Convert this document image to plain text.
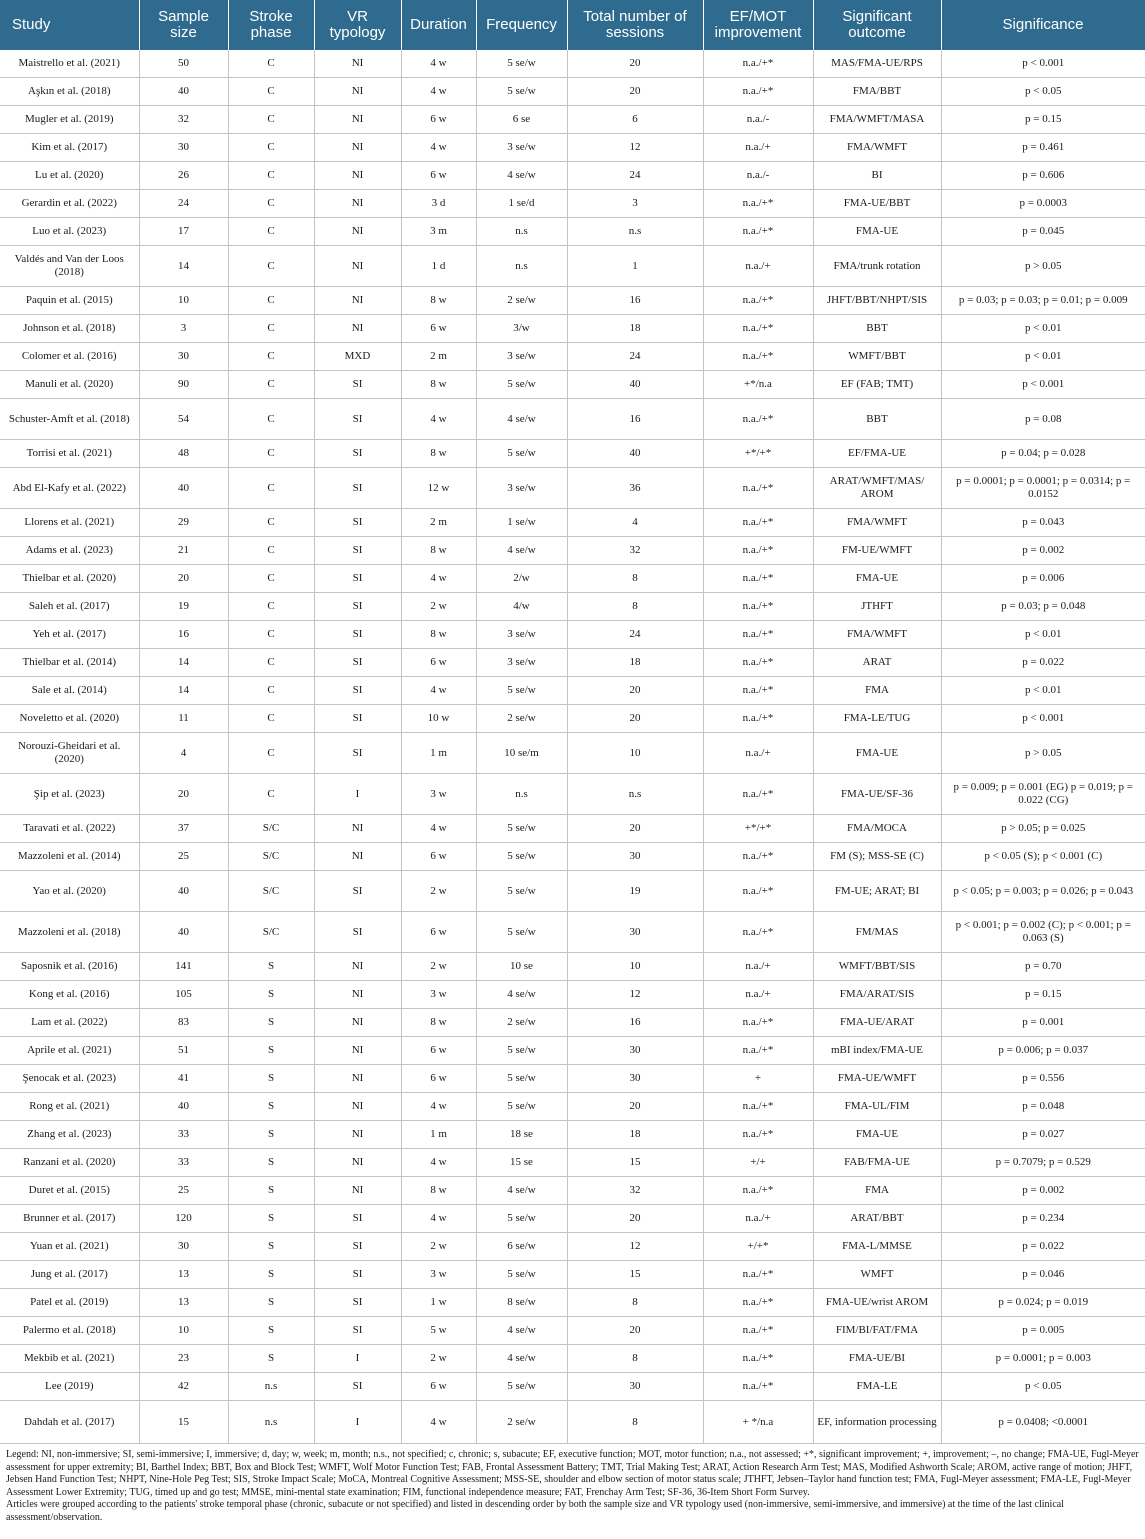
Study	Sample size	Stroke phase	VR typology	Duration	Frequency	Total number of sessions	EF/MOT improvement	Significant outcome	Significance
Maistrello et al. (2021)	50	C	NI	4 w	5 se/w	20	n.a./+*	MAS/FMA-UE/RPS	p < 0.001
Aşkın et al. (2018)	40	C	NI	4 w	5 se/w	20	n.a./+*	FMA/BBT	p < 0.05
Mugler et al. (2019)	32	C	NI	6 w	6 se	6	n.a./-	FMA/WMFT/MASA	p = 0.15
Kim et al. (2017)	30	C	NI	4 w	3 se/w	12	n.a./+	FMA/WMFT	p = 0.461
Lu et al. (2020)	26	C	NI	6 w	4 se/w	24	n.a./-	BI	p = 0.606
Gerardin et al. (2022)	24	C	NI	3 d	1 se/d	3	n.a./+*	FMA-UE/BBT	p = 0.0003
Luo et al. (2023)	17	C	NI	3 m	n.s	n.s	n.a./+*	FMA-UE	p = 0.045
Valdés and Van der Loos (2018)	14	C	NI	1 d	n.s	1	n.a./+	FMA/trunk rotation	p > 0.05
Paquin et al. (2015)	10	C	NI	8 w	2 se/w	16	n.a./+*	JHFT/BBT/NHPT/SIS	p = 0.03; p = 0.03; p = 0.01; p = 0.009
Johnson et al. (2018)	3	C	NI	6 w	3/w	18	n.a./+*	BBT	p < 0.01
Colomer et al. (2016)	30	C	MXD	2 m	3 se/w	24	n.a./+*	WMFT/BBT	p < 0.01
Manuli et al. (2020)	90	C	SI	8 w	5 se/w	40	+*/n.a	EF (FAB; TMT)	p < 0.001
Schuster-Amft et al. (2018)	54	C	SI	4 w	4 se/w	16	n.a./+*	BBT	p = 0.08
Torrisi et al. (2021)	48	C	SI	8 w	5 se/w	40	+*/+*	EF/FMA-UE	p = 0.04; p = 0.028
Abd El-Kafy et al. (2022)	40	C	SI	12 w	3 se/w	36	n.a./+*	ARAT/WMFT/MAS/ AROM	p = 0.0001; p = 0.0001; p = 0.0314; p = 0.0152
Llorens et al. (2021)	29	C	SI	2 m	1 se/w	4	n.a./+*	FMA/WMFT	p = 0.043
Adams et al. (2023)	21	C	SI	8 w	4 se/w	32	n.a./+*	FM-UE/WMFT	p = 0.002
Thielbar et al. (2020)	20	C	SI	4 w	2/w	8	n.a./+*	FMA-UE	p = 0.006
Saleh et al. (2017)	19	C	SI	2 w	4/w	8	n.a./+*	JTHFT	p = 0.03; p = 0.048
Yeh et al. (2017)	16	C	SI	8 w	3 se/w	24	n.a./+*	FMA/WMFT	p < 0.01
Thielbar et al. (2014)	14	C	SI	6 w	3 se/w	18	n.a./+*	ARAT	p = 0.022
Sale et al. (2014)	14	C	SI	4 w	5 se/w	20	n.a./+*	FMA	p < 0.01
Noveletto et al. (2020)	11	C	SI	10 w	2 se/w	20	n.a./+*	FMA-LE/TUG	p < 0.001
Norouzi-Gheidari et al. (2020)	4	C	SI	1 m	10 se/m	10	n.a./+	FMA-UE	p > 0.05
Şip et al. (2023)	20	C	I	3 w	n.s	n.s	n.a./+*	FMA-UE/SF-36	p = 0.009; p = 0.001 (EG) p = 0.019; p = 0.022 (CG)
Taravati et al. (2022)	37	S/C	NI	4 w	5 se/w	20	+*/+*	FMA/MOCA	p > 0.05; p = 0.025
Mazzoleni et al. (2014)	25	S/C	NI	6 w	5 se/w	30	n.a./+*	FM (S); MSS-SE (C)	p < 0.05 (S); p < 0.001 (C)
Yao et al. (2020)	40	S/C	SI	2 w	5 se/w	19	n.a./+*	FM-UE; ARAT; BI	p < 0.05; p = 0.003; p = 0.026; p = 0.043
Mazzoleni et al. (2018)	40	S/C	SI	6 w	5 se/w	30	n.a./+*	FM/MAS	p < 0.001; p = 0.002 (C); p < 0.001; p = 0.063 (S)
Saposnik et al. (2016)	141	S	NI	2 w	10 se	10	n.a./+	WMFT/BBT/SIS	p = 0.70
Kong et al. (2016)	105	S	NI	3 w	4 se/w	12	n.a./+	FMA/ARAT/SIS	p = 0.15
Lam et al. (2022)	83	S	NI	8 w	2 se/w	16	n.a./+*	FMA-UE/ARAT	p = 0.001
Aprile et al. (2021)	51	S	NI	6 w	5 se/w	30	n.a./+*	mBI index/FMA-UE	p = 0.006; p = 0.037
Şenocak et al. (2023)	41	S	NI	6 w	5 se/w	30	+	FMA-UE/WMFT	p = 0.556
Rong et al. (2021)	40	S	NI	4 w	5 se/w	20	n.a./+*	FMA-UL/FIM	p = 0.048
Zhang et al. (2023)	33	S	NI	1 m	18 se	18	n.a./+*	FMA-UE	p = 0.027
Ranzani et al. (2020)	33	S	NI	4 w	15 se	15	+/+	FAB/FMA-UE	p = 0.7079; p = 0.529
Duret et al. (2015)	25	S	NI	8 w	4 se/w	32	n.a./+*	FMA	p = 0.002
Brunner et al. (2017)	120	S	SI	4 w	5 se/w	20	n.a./+	ARAT/BBT	p = 0.234
Yuan et al. (2021)	30	S	SI	2 w	6 se/w	12	+/+*	FMA-L/MMSE	p = 0.022
Jung et al. (2017)	13	S	SI	3 w	5 se/w	15	n.a./+*	WMFT	p = 0.046
Patel et al. (2019)	13	S	SI	1 w	8 se/w	8	n.a./+*	FMA-UE/wrist AROM	p = 0.024; p = 0.019
Palermo et al. (2018)	10	S	SI	5 w	4 se/w	20	n.a./+*	FIM/BI/FAT/FMA	p = 0.005
Mekbib et al. (2021)	23	S	I	2 w	4 se/w	8	n.a./+*	FMA-UE/BI	p = 0.0001; p = 0.003
Lee (2019)	42	n.s	SI	6 w	5 se/w	30	n.a./+*	FMA-LE	p < 0.05
Dahdah et al. (2017)	15	n.s	I	4 w	2 se/w	8	+ */n.a	EF, information processing	p = 0.0408; <0.0001

Legend: NI, non-immersive; SI, semi-immersive; I, immersive; d, day; w, week; m, month; n.s., not specified; c, chronic; s, subacute; EF, executive function; MOT, motor function; n.a., not assessed; +*, significant improvement; +, improvement; –, no change; FMA-UE, Fugl-Meyer assessment for upper extremity; BI, Barthel Index; BBT, Box and Block Test; WMFT, Wolf Motor Function Test; FAB, Frontal Assessment Battery; TMT, Trial Making Test; ARAT, Action Research Arm Test; MAS, Modified Ashworth Scale; AROM, active range of motion; JHFT, Jebsen Hand Function Test; NHPT, Nine-Hole Peg Test; SIS, Stroke Impact Scale; MoCA, Montreal Cognitive Assessment; MSS-SE, shoulder and elbow section of motor status scale; JTHFT, Jebsen–Taylor hand function test; FMA, Fugl-Meyer assessment; FMA-LE, Fugl-Meyer Assessment Lower Extremity; TUG, timed up and go test; MMSE, mini-mental state examination; FIM, functional independence measure; FAT, Frenchay Arm Test; SF-36, 36-Item Short Form Survey.

Articles were grouped according to the patients' stroke temporal phase (chronic, subacute or not specified) and listed in descending order by both the sample size and VR typology used (non-immersive, semi-immersive, and immersive) at the time of the last clinical assessment/observation.
